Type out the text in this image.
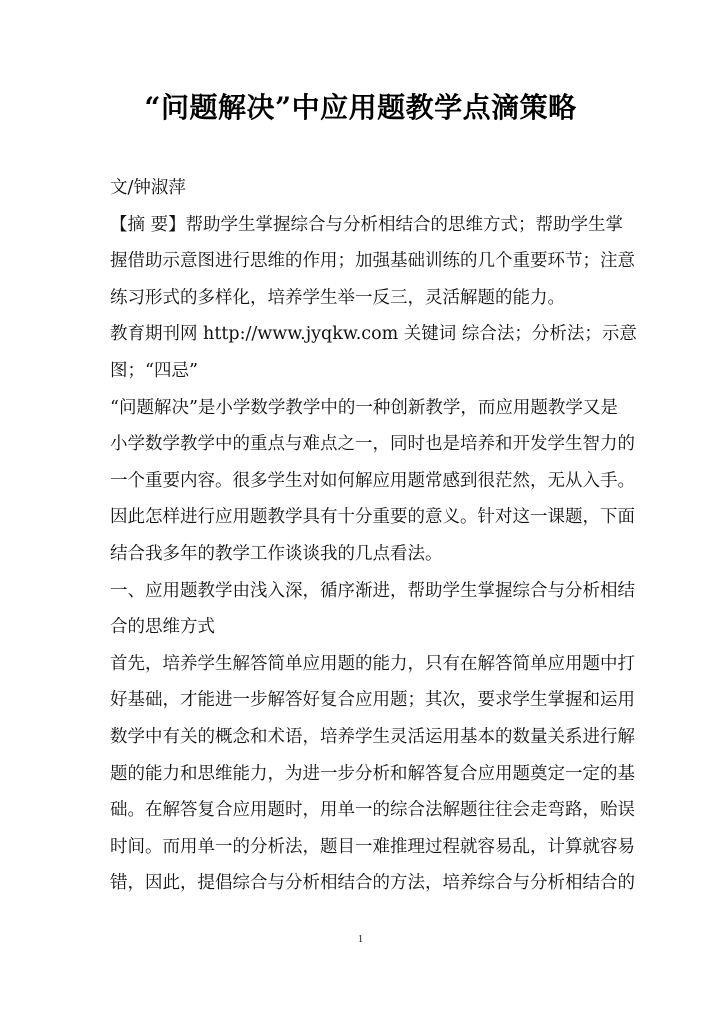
“问题解决”中应用题教学点滴策略
文/钟淑萍
【摘 要】帮助学生掌握综合与分析相结合的思维方式；帮助学生掌
握借助示意图进行思维的作用；加强基础训练的几个重要环节；注意
练习形式的多样化，培养学生举一反三，灵活解题的能力。
教育期刊网 http://www.jyqkw.com 关键词 综合法；分析法；示意
图；“四忌”
“问题解决”是小学数学教学中的一种创新教学，而应用题教学又是
小学数学教学中的重点与难点之一，同时也是培养和开发学生智力的
一个重要内容。很多学生对如何解应用题常感到很茫然，无从入手。
因此怎样进行应用题教学具有十分重要的意义。针对这一课题，下面
结合我多年的教学工作谈谈我的几点看法。
一、应用题教学由浅入深，循序渐进，帮助学生掌握综合与分析相结
合的思维方式
首先，培养学生解答简单应用题的能力，只有在解答简单应用题中打
好基础，才能进一步解答好复合应用题；其次，要求学生掌握和运用
数学中有关的概念和术语，培养学生灵活运用基本的数量关系进行解
题的能力和思维能力，为进一步分析和解答复合应用题奠定一定的基
础。在解答复合应用题时，用单一的综合法解题往往会走弯路，贻误
时间。而用单一的分析法，题目一难推理过程就容易乱，计算就容易
错，因此，提倡综合与分析相结合的方法，培养综合与分析相结合的
1
